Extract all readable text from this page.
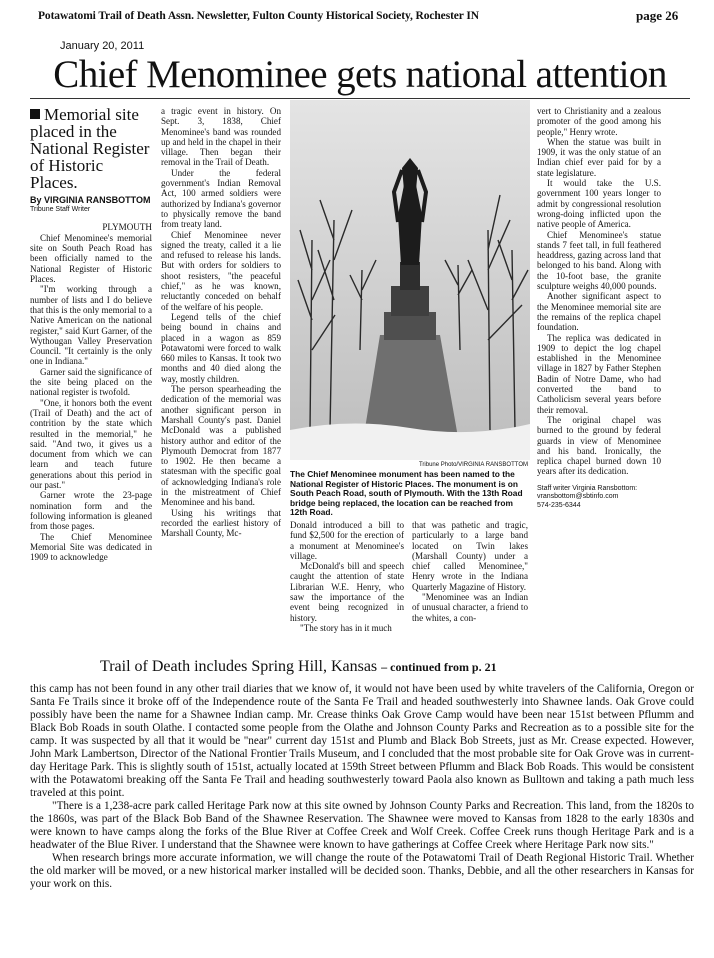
Potawatomi Trail of Death Assn. Newsletter, Fulton County Historical Society, Rochester IN	page 26
January 20, 2011
Chief Menominee gets national attention
Memorial site placed in the National Register of Historic Places.
By VIRGINIA RANSBOTTOM
Tribune Staff Writer
PLYMOUTH

Chief Menominee's memorial site on South Peach Road has been officially named to the National Register of Historic Places.

"I'm working through a number of lists and I do believe that this is the only memorial to a Native American on the national register," said Kurt Garner, of the Wythougan Valley Preservation Council. "It certainly is the only one in Indiana."

Garner said the significance of the site being placed on the national register is twofold.

"One, it honors both the event (Trail of Death) and the act of contrition by the state which resulted in the memorial," he said. "And two, it gives us a document from which we can learn and teach future generations about this period in our past."

Garner wrote the 23-page nomination form and the following information is gleaned from those pages.

The Chief Menominee Memorial Site was dedicated in 1909 to acknowledge

a tragic event in history. On Sept. 3, 1838, Chief Menominee's band was rounded up and held in the chapel in their village. Then began their removal in the Trail of Death.

Under the federal government's Indian Removal Act, 100 armed soldiers were authorized by Indiana's governor to physically remove the band from treaty land.

Chief Menominee never signed the treaty, called it a lie and refused to release his lands. But with orders for soldiers to shoot resisters, "the peaceful chief," as he was known, reluctantly conceded on behalf of the welfare of his people.

Legend tells of the chief being bound in chains and placed in a wagon as 859 Potawatomi were forced to walk 660 miles to Kansas. It took two months and 40 died along the way, mostly children.

The person spearheading the dedication of the memorial was another significant person in Marshall County's past. Daniel McDonald was a published history author and editor of the Plymouth Democrat from 1877 to 1902. He then became a statesman with the specific goal of acknowledging Indiana's role in the mistreatment of Chief Menominee and his band.

Using his writings that recorded the earliest history of Marshall County, Mc-

Tribune Photo/VIRGINIA RANSBOTTOM
The Chief Menominee monument has been named to the National Register of Historic Places. The monument is on South Peach Road, south of Plymouth. With the 13th Road bridge being replaced, the location can be reached from 12th Road.

Donald introduced a bill to fund $2,500 for the erection of a monument at Menominee's village.

McDonald's bill and speech caught the attention of state Librarian W.E. Henry, who saw the importance of the event being recognized in history.

"The story has in it much

that was pathetic and tragic, particularly to a large band located on Twin lakes (Marshall County) under a chief called Menominee," Henry wrote in the Indiana Quarterly Magazine of History.

"Menominee was an Indian of unusual character, a friend to the whites, a con-

vert to Christianity and a zealous promoter of the good among his people," Henry wrote.

When the statue was built in 1909, it was the only statue of an Indian chief ever paid for by a state legislature.

It would take the U.S. government 100 years longer to admit by congressional resolution wrong-doing inflicted upon the native people of America.

Chief Menominee's statue stands 7 feet tall, in full feathered headdress, gazing across land that belonged to his band. Along with the 10-foot base, the granite sculpture weighs 40,000 pounds.

Another significant aspect to the Menominee memorial site are the remains of the replica chapel foundation.

The replica was dedicated in 1909 to depict the log chapel established in the Menominee village in 1827 by Father Stephen Badin of Notre Dame, who had converted the band to Catholicism several years before their removal.

The original chapel was burned to the ground by federal guards in view of Menominee and his band. Ironically, the replica chapel burned down 10 years after its dedication.

Staff writer Virginia Ransbottom:
vransbottom@sbtinfo.com
574-235-6344
Trail of Death includes Spring Hill, Kansas – continued from p. 21

this camp has not been found in any other trail diaries that we know of, it would not have been used by white travelers of the California, Oregon or Santa Fe Trails since it broke off of the Independence route of the Santa Fe Trail and headed southwesterly into Shawnee lands. Oak Grove could possibly have been the name for a Shawnee Indian camp. Mr. Crease thinks Oak Grove Camp would have been near 151st between Pflumm and Black Bob Roads in south Olathe. I contacted some people from the Olathe and Johnson County Parks and Recreation as to a possible site for the camp. It was suspected by all that it would be "near" current day 151st and Plumb and Black Bob Streets, just as Mr. Crease expected. However, John Mark Lambertson, Director of the National Frontier Trails Museum, and I concluded that the most probable site for Oak Grove was in current-day Heritage Park. This is slightly south of 151st, actually located at 159th Street between Pflumm and Black Bob Roads. This would be consistent with the Potawatomi breaking off the Santa Fe Trail and heading southwesterly toward Paola also known as Bulltown and taking a path much less traveled at this point.

"There is a 1,238-acre park called Heritage Park now at this site owned by Johnson County Parks and Recreation. This land, from the 1820s to the 1860s, was part of the Black Bob Band of the Shawnee Reservation. The Shawnee were moved to Kansas from 1828 to the early 1830s and were known to have camps along the forks of the Blue River at Coffee Creek and Wolf Creek. Coffee Creek runs though Heritage Park and is a headwater of the Blue River. I understand that the Shawnee were known to have gatherings at Coffee Creek where Heritage Park now sits."

When research brings more accurate information, we will change the route of the Potawatomi Trail of Death Regional Historic Trail. Whether the old marker will be moved, or a new historical marker installed will be decided soon. Thanks, Debbie, and all the other researchers in Kansas for your work on this.
